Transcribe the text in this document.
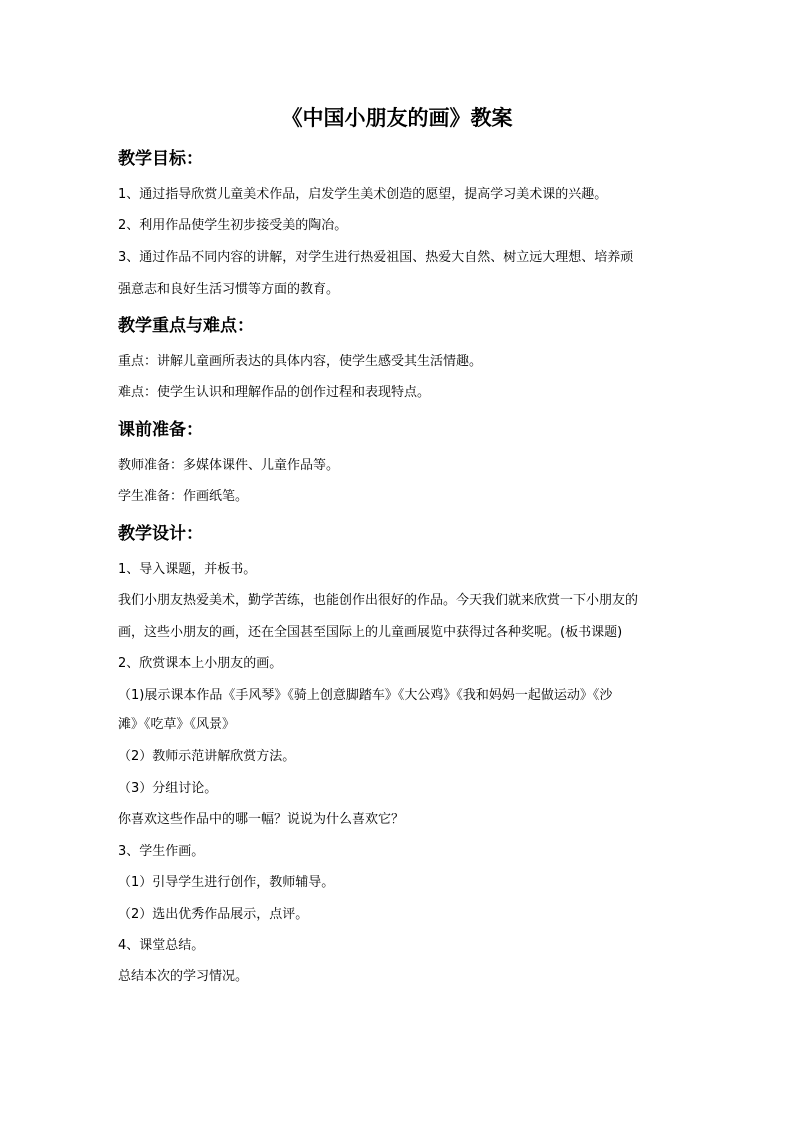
《中国小朋友的画》教案
教学目标：

1、通过指导欣赏儿童美术作品，启发学生美术创造的愿望，提高学习美术课的兴趣。

2、利用作品使学生初步接受美的陶冶。

3、通过作品不同内容的讲解，对学生进行热爱祖国、热爱大自然、树立远大理想、培养顽

强意志和良好生活习惯等方面的教育。

教学重点与难点：

重点：讲解儿童画所表达的具体内容，使学生感受其生活情趣。

难点：使学生认识和理解作品的创作过程和表现特点。

课前准备：

教师准备：多媒体课件、儿童作品等。

学生准备：作画纸笔。

教学设计：

1、导入课题，并板书。

我们小朋友热爱美术，勤学苦练，也能创作出很好的作品。今天我们就来欣赏一下小朋友的

画，这些小朋友的画，还在全国甚至国际上的儿童画展览中获得过各种奖呢。(板书课题)

2、欣赏课本上小朋友的画。

（1)展示课本作品《手风琴》《骑上创意脚踏车》《大公鸡》《我和妈妈一起做运动》《沙

滩》《吃草》《风景》

（2）教师示范讲解欣赏方法。

（3）分组讨论。

你喜欢这些作品中的哪一幅？说说为什么喜欢它？

3、学生作画。

（1）引导学生进行创作，教师辅导。

（2）选出优秀作品展示，点评。

4、课堂总结。

总结本次的学习情况。
